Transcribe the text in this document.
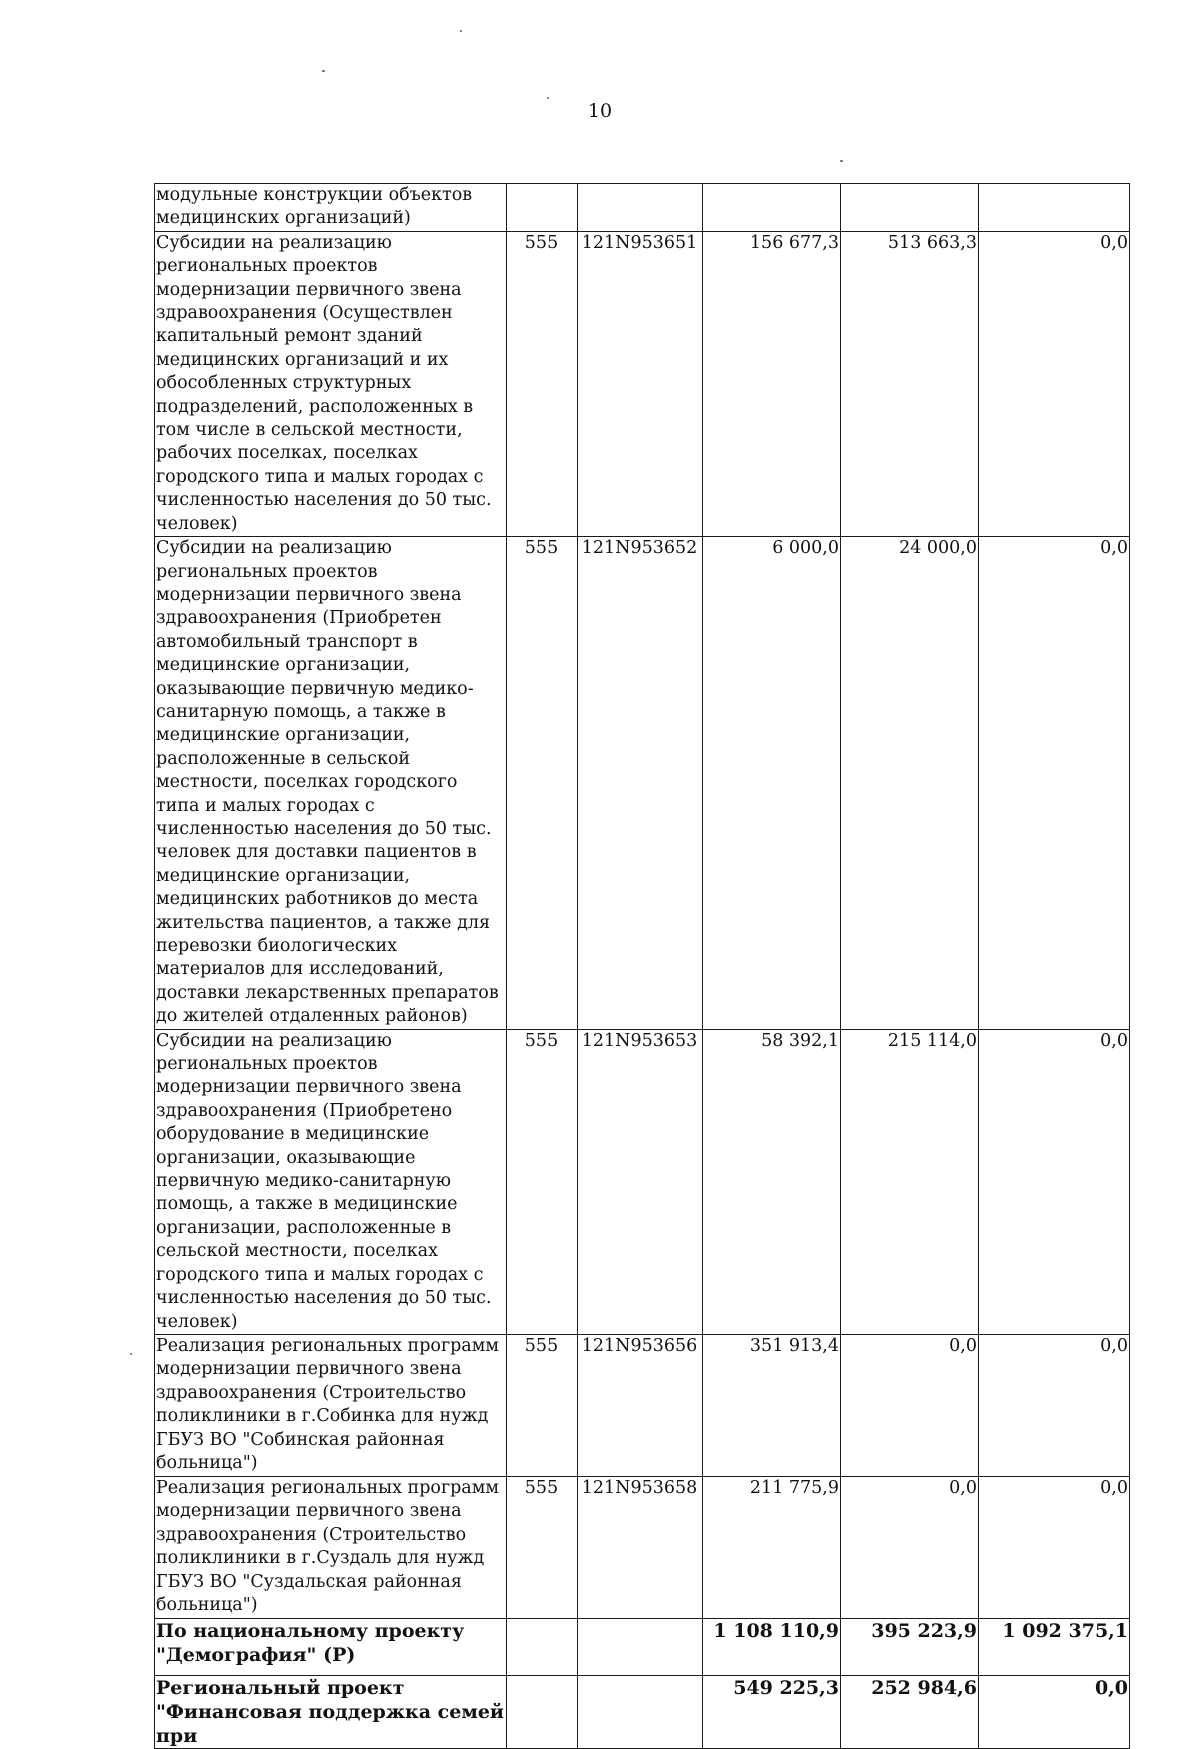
10
модульные конструкции объектов медицинских организаций)					
Субсидии на реализацию региональных проектов модернизации первичного звена здравоохранения (Осуществлен капитальный ремонт зданий медицинских организаций и их обособленных структурных подразделений, расположенных в том числе в сельской местности, рабочих поселках, поселках городского типа и малых городах с численностью населения до 50 тыс. человек)	555	121N953651	156 677,3	513 663,3	0,0
Субсидии на реализацию региональных проектов модернизации первичного звена здравоохранения (Приобретен автомобильный транспорт в медицинские организации, оказывающие первичную медико-санитарную помощь, а также в медицинские организации, расположенные в сельской местности, поселках городского типа и малых городах с численностью населения до 50 тыс. человек для доставки пациентов в медицинские организации, медицинских работников до места жительства пациентов, а также для перевозки биологических материалов для исследований, доставки лекарственных препаратов до жителей отдаленных районов)	555	121N953652	6 000,0	24 000,0	0,0
Субсидии на реализацию региональных проектов модернизации первичного звена здравоохранения (Приобретено оборудование в медицинские организации, оказывающие первичную медико-санитарную помощь, а также в медицинские организации, расположенные в сельской местности, поселках городского типа и малых городах с численностью населения до 50 тыс. человек)	555	121N953653	58 392,1	215 114,0	0,0
Реализация региональных программ модернизации первичного звена здравоохранения (Строительство поликлиники в г.Собинка для нужд ГБУЗ ВО "Собинская районная больница")	555	121N953656	351 913,4	0,0	0,0
Реализация региональных программ модернизации первичного звена здравоохранения (Строительство поликлиники в г.Суздаль для нужд ГБУЗ ВО "Суздальская районная больница")	555	121N953658	211 775,9	0,0	0,0
По национальному проекту "Демография" (Р)			1 108 110,9	395 223,9	1 092 375,1
Региональный проект "Финансовая поддержка семей при			549 225,3	252 984,6	0,0
